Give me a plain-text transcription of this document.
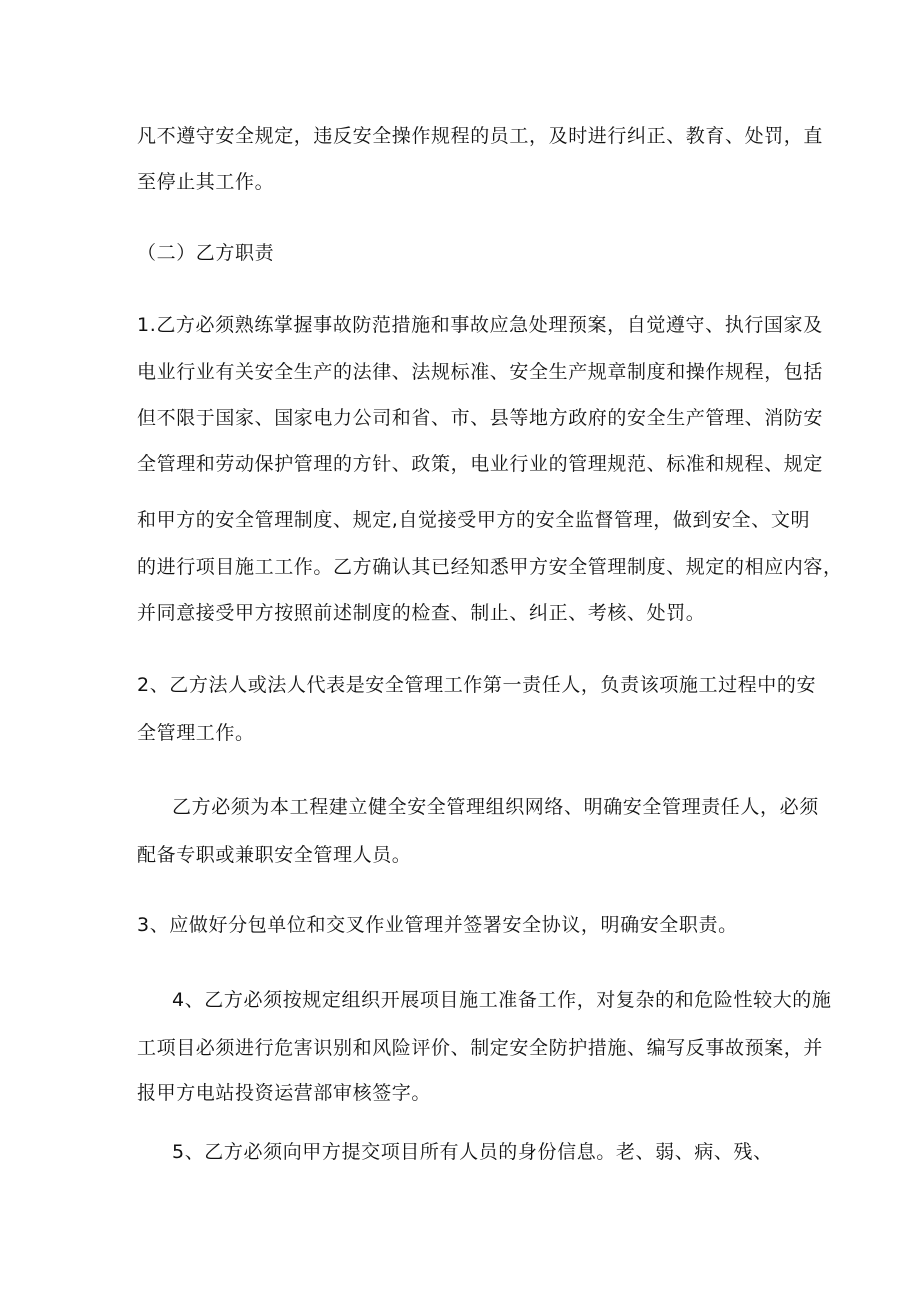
凡不遵守安全规定，违反安全操作规程的员工，及时进行纠正、教育、处罚，直
至停止其工作。
（二）乙方职责
1.乙方必须熟练掌握事故防范措施和事故应急处理预案，自觉遵守、执行国家及
电业行业有关安全生产的法律、法规标准、安全生产规章制度和操作规程，包括
但不限于国家、国家电力公司和省、市、县等地方政府的安全生产管理、消防安
全管理和劳动保护管理的方针、政策，电业行业的管理规范、标准和规程、规定
和甲方的安全管理制度、规定,自觉接受甲方的安全监督管理，做到安全、文明
的进行项目施工工作。乙方确认其已经知悉甲方安全管理制度、规定的相应内容，
并同意接受甲方按照前述制度的检查、制止、纠正、考核、处罚。
2、乙方法人或法人代表是安全管理工作第一责任人，负责该项施工过程中的安
全管理工作。
乙方必须为本工程建立健全安全管理组织网络、明确安全管理责任人，必须
配备专职或兼职安全管理人员。
3、应做好分包单位和交叉作业管理并签署安全协议，明确安全职责。
4、乙方必须按规定组织开展项目施工准备工作，对复杂的和危险性较大的施
工项目必须进行危害识别和风险评价、制定安全防护措施、编写反事故预案，并
报甲方电站投资运营部审核签字。
5、乙方必须向甲方提交项目所有人员的身份信息。老、弱、病、残、
